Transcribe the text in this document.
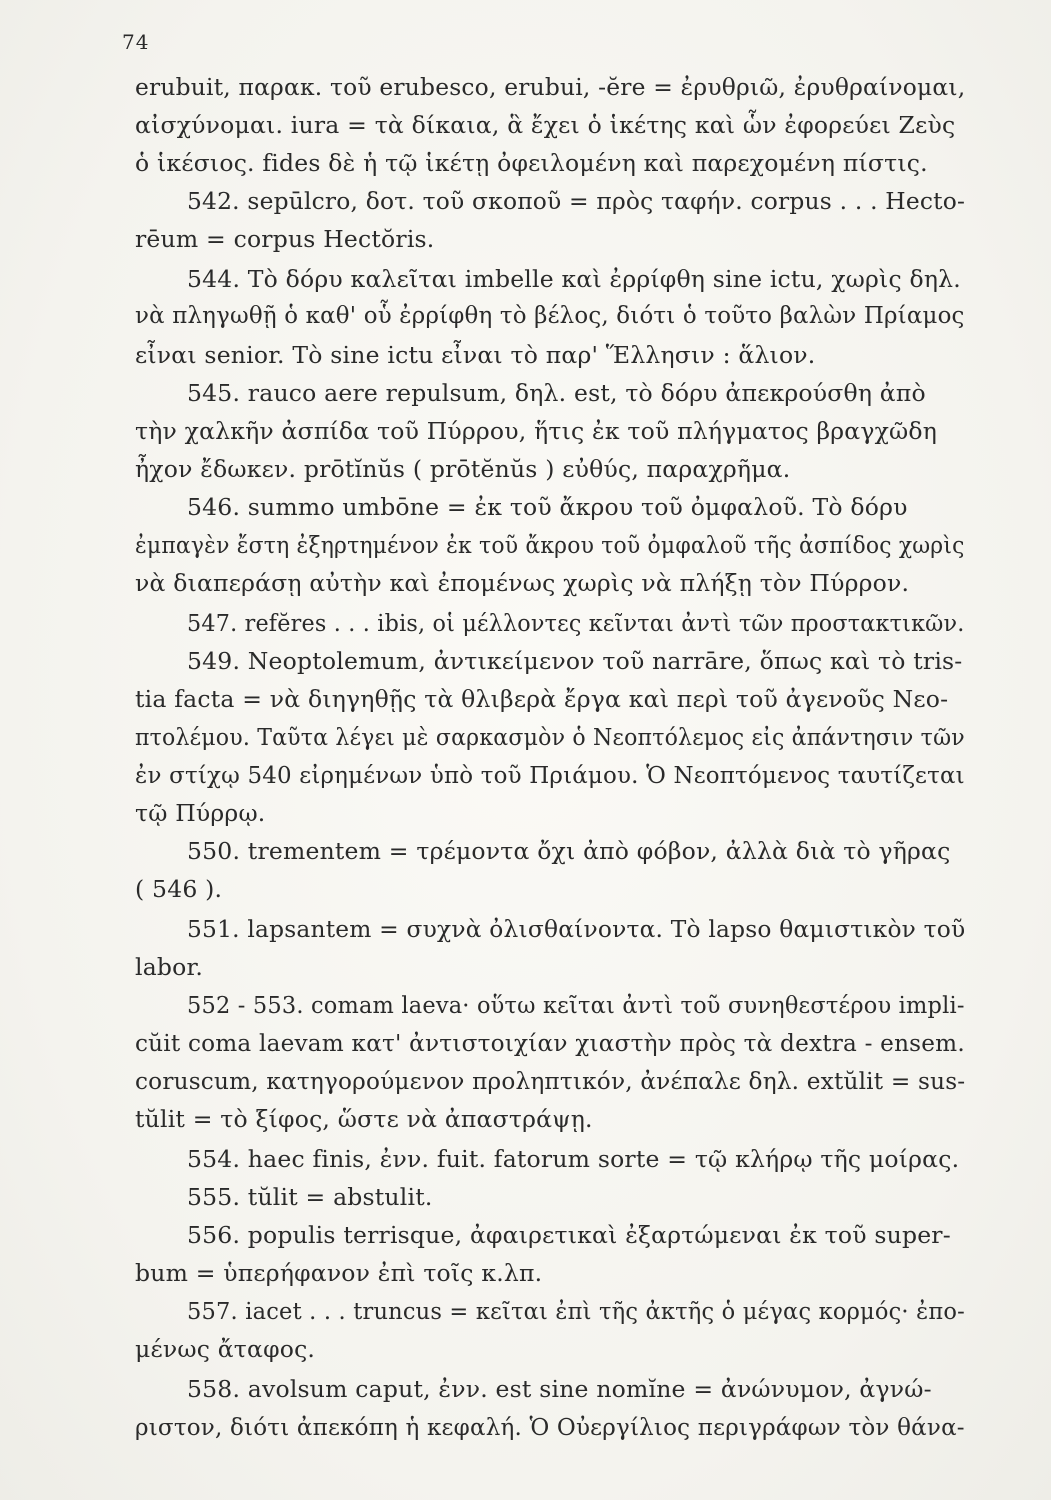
74
erubuit, παρακ. τοῦ erubesco, erubui, -ĕre = ἐρυθριῶ, ἐρυθραίνομαι,
αἰσχύνομαι. iura = τὰ δίκαια, ἃ ἔχει ὁ ἱκέτης καὶ ὧν ἐφορεύει Ζεὺς
ὁ ἱκέσιος. fides δὲ ἡ τῷ ἱκέτῃ ὀφειλομένη καὶ παρεχομένη πίστις.
542. sepūlcro, δοτ. τοῦ σκοποῦ = πρὸς ταφήν. corpus . . . Hecto-
rēum = corpus Hectŏris.
544. Τὸ δόρυ καλεῖται imbelle καὶ ἐρρίφθη sine ictu, χωρὶς δηλ.
νὰ πληγωθῇ ὁ καθ' οὗ ἐρρίφθη τὸ βέλος, διότι ὁ τοῦτο βαλὼν Πρίαμος
εἶναι senior. Τὸ sine ictu εἶναι τὸ παρ' Ἕλλησιν : ἅλιον.
545. rauco aere repulsum, δηλ. est, τὸ δόρυ ἀπεκρούσθη ἀπὸ
τὴν χαλκῆν ἀσπίδα τοῦ Πύρρου, ἥτις ἐκ τοῦ πλήγματος βραγχῶδη
ἦχον ἔδωκεν. prōtĭnŭs ( prōtĕnŭs ) εὐθύς, παραχρῆμα.
546. summo umbōne = ἐκ τοῦ ἄκρου τοῦ ὀμφαλοῦ. Τὸ δόρυ
ἐμπαγὲν ἔστη ἐξηρτημένον ἐκ τοῦ ἄκρου τοῦ ὀμφαλοῦ τῆς ἀσπίδος χωρὶς
νὰ διαπεράσῃ αὐτὴν καὶ ἐπομένως χωρὶς νὰ πλήξῃ τὸν Πύρρον.
547. refĕres . . . ibis, οἱ μέλλοντες κεῖνται ἀντὶ τῶν προστακτικῶν.
549. Neoptolemum, ἀντικείμενον τοῦ narrāre, ὅπως καὶ τὸ tris-
tia facta = νὰ διηγηθῇς τὰ θλιβερὰ ἔργα καὶ περὶ τοῦ ἀγενοῦς Νεο-
πτολέμου. Ταῦτα λέγει μὲ σαρκασμὸν ὁ Νεοπτόλεμος εἰς ἀπάντησιν τῶν
ἐν στίχῳ 540 εἰρημένων ὑπὸ τοῦ Πριάμου. Ὁ Νεοπτόμενος ταυτίζεται
τῷ Πύρρῳ.
550. trementem = τρέμοντα ὄχι ἀπὸ φόβον, ἀλλὰ διὰ τὸ γῆρας
( 546 ).
551. lapsantem = συχνὰ ὀλισθαίνοντα. Τὸ lapso θαμιστικὸν τοῦ
labor.
552 - 553. comam laeva· οὕτω κεῖται ἀντὶ τοῦ συνηθεστέρου impli-
cŭit coma laevam κατ' ἀντιστοιχίαν χιαστὴν πρὸς τὰ dextra - ensem.
coruscum, κατηγορούμενον προληπτικόν, ἀνέπαλε δηλ. extŭlit = sus-
tŭlit = τὸ ξίφος, ὥστε νὰ ἀπαστράψῃ.
554. haec finis, ἐνν. fuit. fatorum sorte = τῷ κλήρῳ τῆς μοίρας.
555. tŭlit = abstulit.
556. populis terrisque, ἀφαιρετικαὶ ἐξαρτώμεναι ἐκ τοῦ super-
bum = ὑπερήφανον ἐπὶ τοῖς κ.λπ.
557. iacet . . . truncus = κεῖται ἐπὶ τῆς ἀκτῆς ὁ μέγας κορμός· ἐπο-
μένως ἄταφος.
558. avolsum caput, ἐνν. est sine nomĭne = ἀνώνυμον, ἀγνώ-
ριστον, διότι ἀπεκόπη ἡ κεφαλή. Ὁ Οὐεργίλιος περιγράφων τὸν θάνα-
